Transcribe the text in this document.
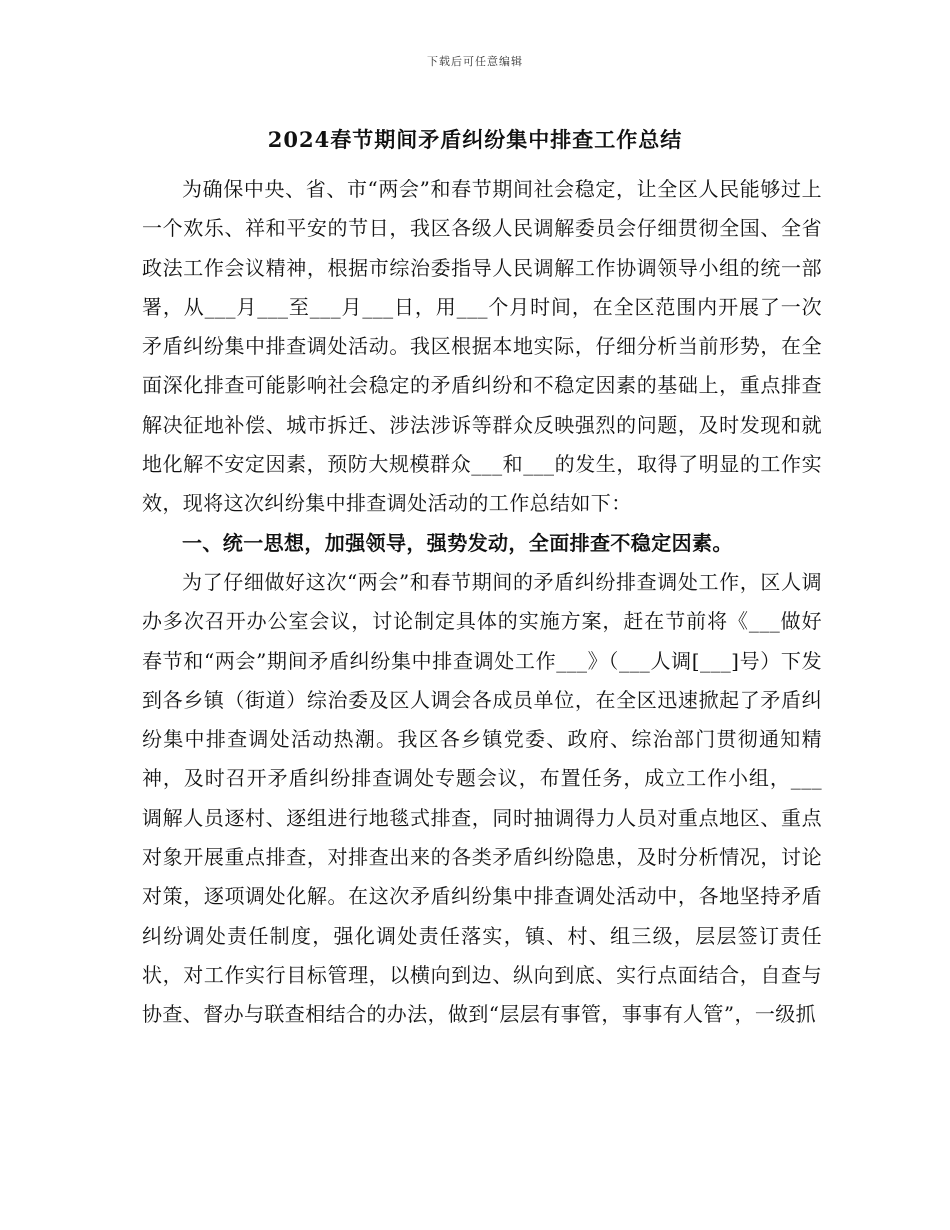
下载后可任意编辑
2024春节期间矛盾纠纷集中排查工作总结

为确保中央、省、市“两会”和春节期间社会稳定，让全区人民能够过上一个欢乐、祥和平安的节日，我区各级人民调解委员会仔细贯彻全国、全省政法工作会议精神，根据市综治委指导人民调解工作协调领导小组的统一部署，从___月___至___月___日，用___个月时间，在全区范围内开展了一次矛盾纠纷集中排查调处活动。我区根据本地实际，仔细分析当前形势，在全面深化排查可能影响社会稳定的矛盾纠纷和不稳定因素的基础上，重点排查解决征地补偿、城市拆迁、涉法涉诉等群众反映强烈的问题，及时发现和就地化解不安定因素，预防大规模群众___和___的发生，取得了明显的工作实效，现将这次纠纷集中排查调处活动的工作总结如下：

一、统一思想，加强领导，强势发动，全面排查不稳定因素。

为了仔细做好这次“两会”和春节期间的矛盾纠纷排查调处工作，区人调办多次召开办公室会议，讨论制定具体的实施方案，赶在节前将《___做好春节和“两会”期间矛盾纠纷集中排查调处工作___》（___人调[___]号）下发到各乡镇（街道）综治委及区人调会各成员单位，在全区迅速掀起了矛盾纠纷集中排查调处活动热潮。我区各乡镇党委、政府、综治部门贯彻通知精神，及时召开矛盾纠纷排查调处专题会议，布置任务，成立工作小组，___调解人员逐村、逐组进行地毯式排查，同时抽调得力人员对重点地区、重点对象开展重点排查，对排查出来的各类矛盾纠纷隐患，及时分析情况，讨论对策，逐项调处化解。在这次矛盾纠纷集中排查调处活动中，各地坚持矛盾纠纷调处责任制度，强化调处责任落实，镇、村、组三级，层层签订责任状，对工作实行目标管理，以横向到边、纵向到底、实行点面结合，自查与协查、督办与联查相结合的办法，做到“层层有事管，事事有人管”，一级抓
